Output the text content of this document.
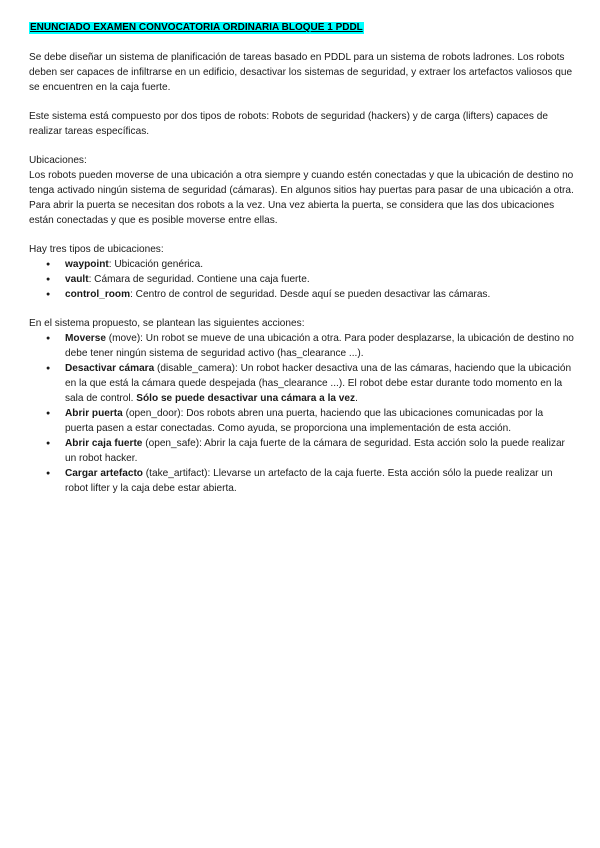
ENUNCIADO EXAMEN CONVOCATORIA ORDINARIA BLOQUE 1 PDDL

Se debe diseñar un sistema de planificación de tareas basado en PDDL para un sistema de robots ladrones. Los robots deben ser capaces de infiltrarse en un edificio, desactivar los sistemas de seguridad, y extraer los artefactos valiosos que se encuentren en la caja fuerte.

Este sistema está compuesto por dos tipos de robots: Robots de seguridad (hackers) y de carga (lifters) capaces de realizar tareas específicas.

Ubicaciones:

Los robots pueden moverse de una ubicación a otra siempre y cuando estén conectadas y que la ubicación de destino no tenga activado ningún sistema de seguridad (cámaras). En algunos sitios hay puertas para pasar de una ubicación a otra. Para abrir la puerta se necesitan dos robots a la vez. Una vez abierta la puerta, se considera que las dos ubicaciones están conectadas y que es posible moverse entre ellas.

Hay tres tipos de ubicaciones:

● waypoint: Ubicación genérica.
● vault: Cámara de seguridad. Contiene una caja fuerte.
● control_room: Centro de control de seguridad. Desde aquí se pueden desactivar las cámaras.

En el sistema propuesto, se plantean las siguientes acciones:

● Moverse (move): Un robot se mueve de una ubicación a otra. Para poder desplazarse, la ubicación de destino no debe tener ningún sistema de seguridad activo (has_clearance ...).
● Desactivar cámara (disable_camera): Un robot hacker desactiva una de las cámaras, haciendo que la ubicación en la que está la cámara quede despejada (has_clearance ...). El robot debe estar durante todo momento en la sala de control. Sólo se puede desactivar una cámara a la vez.
● Abrir puerta (open_door): Dos robots abren una puerta, haciendo que las ubicaciones comunicadas por la puerta pasen a estar conectadas. Como ayuda, se proporciona una implementación de esta acción.
● Abrir caja fuerte (open_safe): Abrir la caja fuerte de la cámara de seguridad. Esta acción solo la puede realizar un robot hacker.
● Cargar artefacto (take_artifact): Llevarse un artefacto de la caja fuerte. Esta acción sólo la puede realizar un robot lifter y la caja debe estar abierta.
